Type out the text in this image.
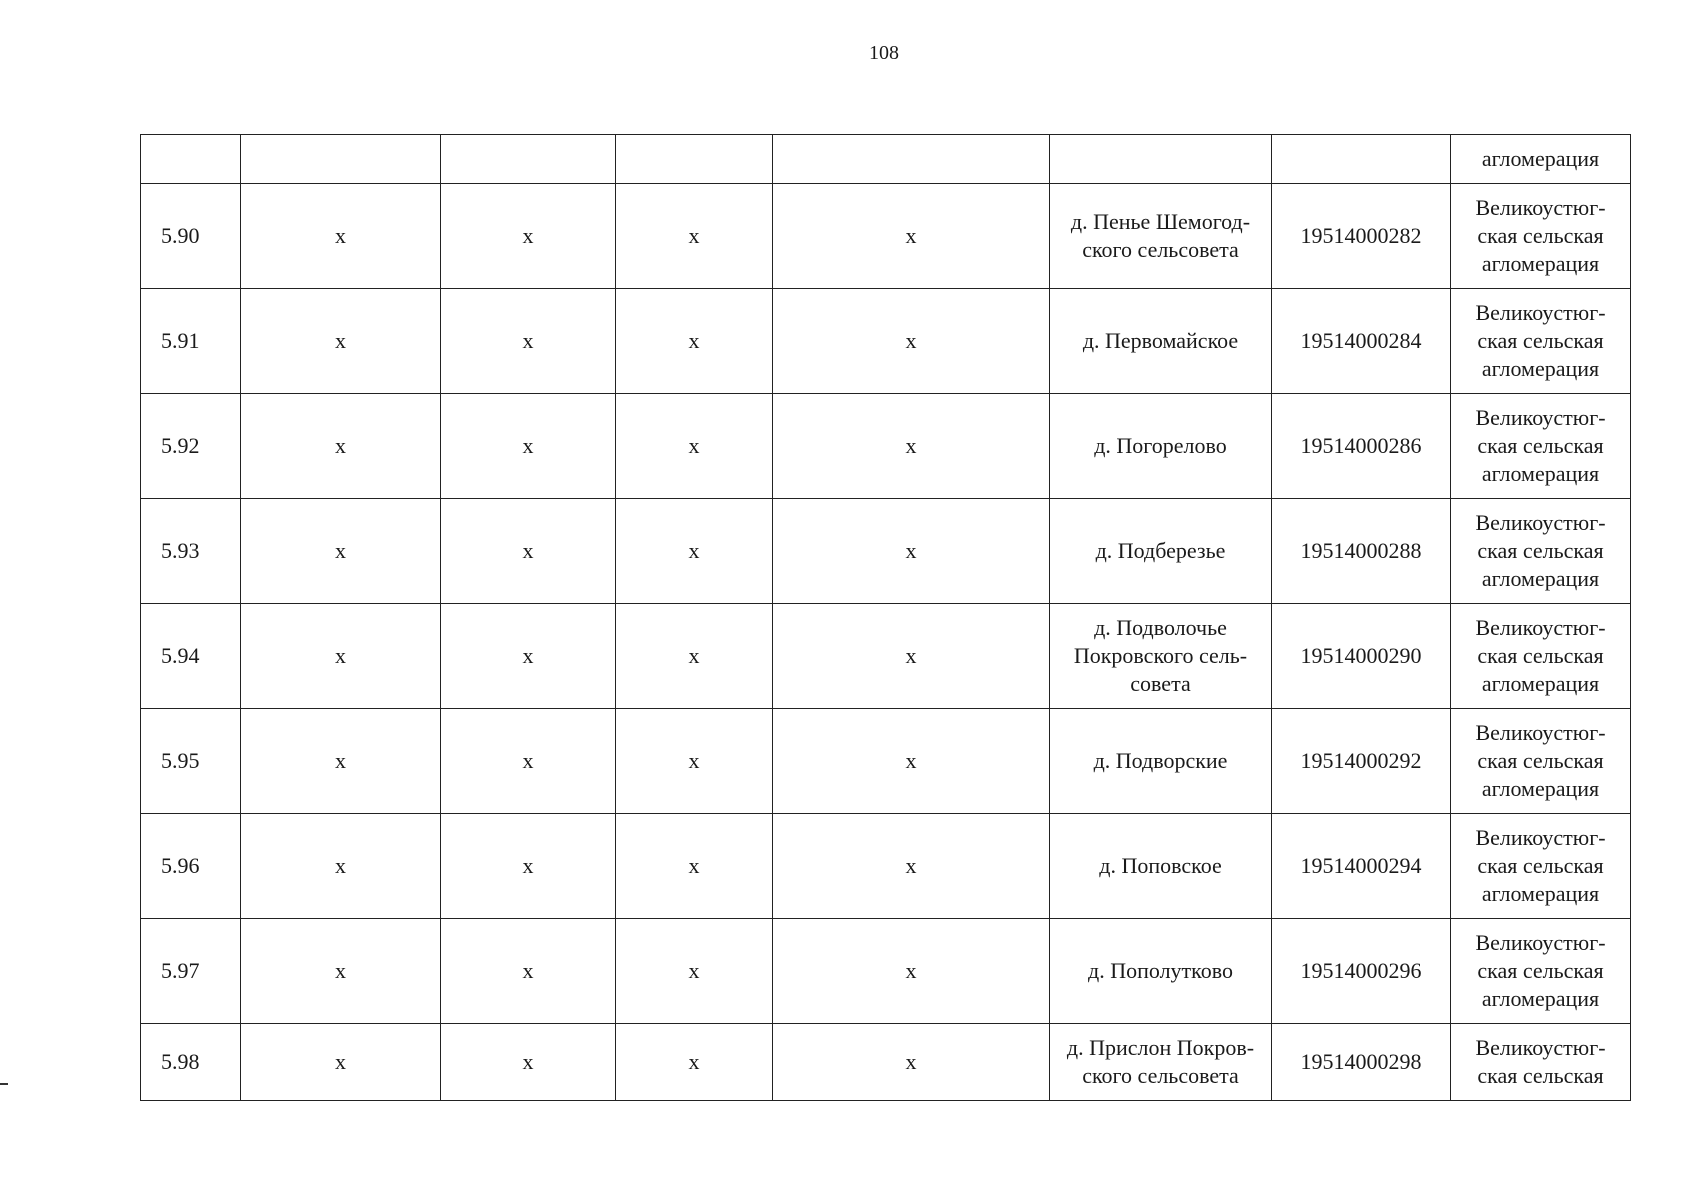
108
							агломерация

5.90	х	х	х	х	д. Пенье Шемогод-
ского сельсовета	19514000282	Великоустюг-
ская сельская
агломерация

5.91	х	х	х	х	д. Первомайское	19514000284	Великоустюг-
ская сельская
агломерация

5.92	х	х	х	х	д. Погорелово	19514000286	Великоустюг-
ская сельская
агломерация

5.93	х	х	х	х	д. Подберезье	19514000288	Великоустюг-
ская сельская
агломерация

5.94	х	х	х	х	д. Подволочье
Покровского сель-
совета	19514000290	Великоустюг-
ская сельская
агломерация

5.95	х	х	х	х	д. Подворские	19514000292	Великоустюг-
ская сельская
агломерация

5.96	х	х	х	х	д. Поповское	19514000294	Великоустюг-
ская сельская
агломерация

5.97	х	х	х	х	д. Пополутково	19514000296	Великоустюг-
ская сельская
агломерация

5.98	х	х	х	х	д. Прислон Покров-
ского сельсовета	19514000298	Великоустюг-
ская сельская
